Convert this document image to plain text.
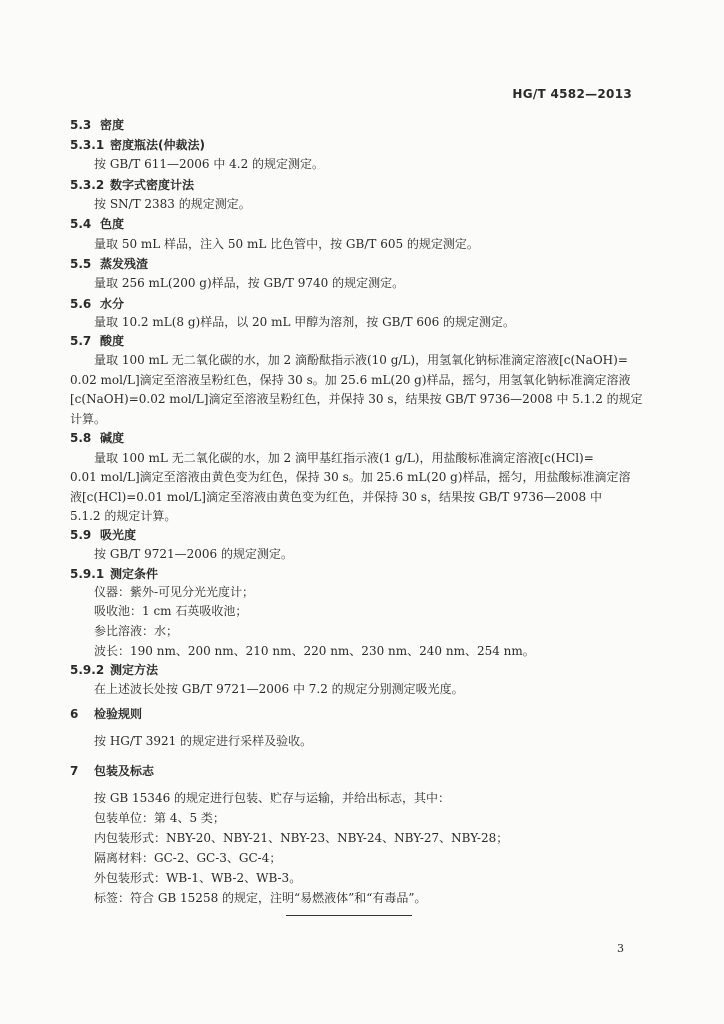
HG/T 4582—2013
5.3 密度
5.3.1 密度瓶法(仲裁法)
按 GB/T 611—2006 中 4.2 的规定测定。
5.3.2 数字式密度计法
按 SN/T 2383 的规定测定。
5.4 色度
量取 50 mL 样品，注入 50 mL 比色管中，按 GB/T 605 的规定测定。
5.5 蒸发残渣
量取 256 mL(200 g)样品，按 GB/T 9740 的规定测定。
5.6 水分
量取 10.2 mL(8 g)样品，以 20 mL 甲醇为溶剂，按 GB/T 606 的规定测定。
5.7 酸度
量取 100 mL 无二氧化碳的水，加 2 滴酚酞指示液(10 g/L)，用氢氧化钠标准滴定溶液[c(NaOH)=
0.02 mol/L]滴定至溶液呈粉红色，保持 30 s。加 25.6 mL(20 g)样品，摇匀，用氢氧化钠标准滴定溶液
[c(NaOH)=0.02 mol/L]滴定至溶液呈粉红色，并保持 30 s，结果按 GB/T 9736—2008 中 5.1.2 的规定
计算。
5.8 碱度
量取 100 mL 无二氧化碳的水，加 2 滴甲基红指示液(1 g/L)，用盐酸标准滴定溶液[c(HCl)=
0.01 mol/L]滴定至溶液由黄色变为红色，保持 30 s。加 25.6 mL(20 g)样品，摇匀，用盐酸标准滴定溶
液[c(HCl)=0.01 mol/L]滴定至溶液由黄色变为红色，并保持 30 s，结果按 GB/T 9736—2008 中
5.1.2 的规定计算。
5.9 吸光度
按 GB/T 9721—2006 的规定测定。
5.9.1 测定条件
仪器：紫外-可见分光光度计；
吸收池：1 cm 石英吸收池；
参比溶液：水；
波长：190 nm、200 nm、210 nm、220 nm、230 nm、240 nm、254 nm。
5.9.2 测定方法
在上述波长处按 GB/T 9721—2006 中 7.2 的规定分别测定吸光度。
6 检验规则
按 HG/T 3921 的规定进行采样及验收。
7 包装及标志
按 GB 15346 的规定进行包装、贮存与运输，并给出标志，其中：
包装单位：第 4、5 类；
内包装形式：NBY-20、NBY-21、NBY-23、NBY-24、NBY-27、NBY-28；
隔离材料：GC-2、GC-3、GC-4；
外包装形式：WB-1、WB-2、WB-3。
标签：符合 GB 15258 的规定，注明“易燃液体”和“有毒品”。
3
